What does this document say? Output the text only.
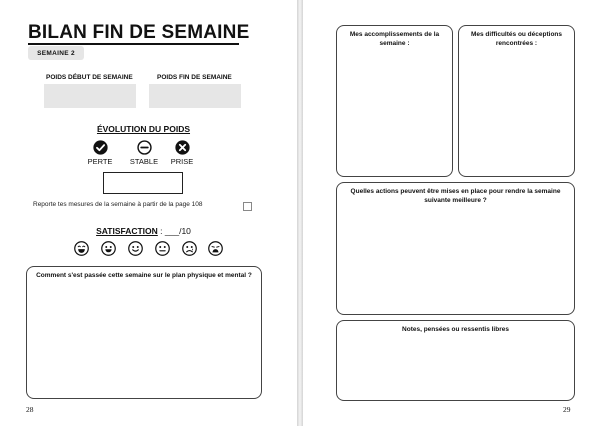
BILAN FIN DE SEMAINE
SEMAINE 2
POIDS DÉBUT DE SEMAINE	POIDS FIN DE SEMAINE
ÉVOLUTION DU POIDS
PERTE	STABLE	PRISE
Reporte tes mesures de la semaine à partir de la page 108
SATISFACTION : ___/10
Comment s'est passée cette semaine sur le plan physique et mental ?
28
Mes accomplissements de la semaine :
Mes difficultés ou déceptions rencontrées :
Quelles actions peuvent être mises en place pour rendre la semaine suivante meilleure ?
Notes, pensées ou ressentis libres
29
